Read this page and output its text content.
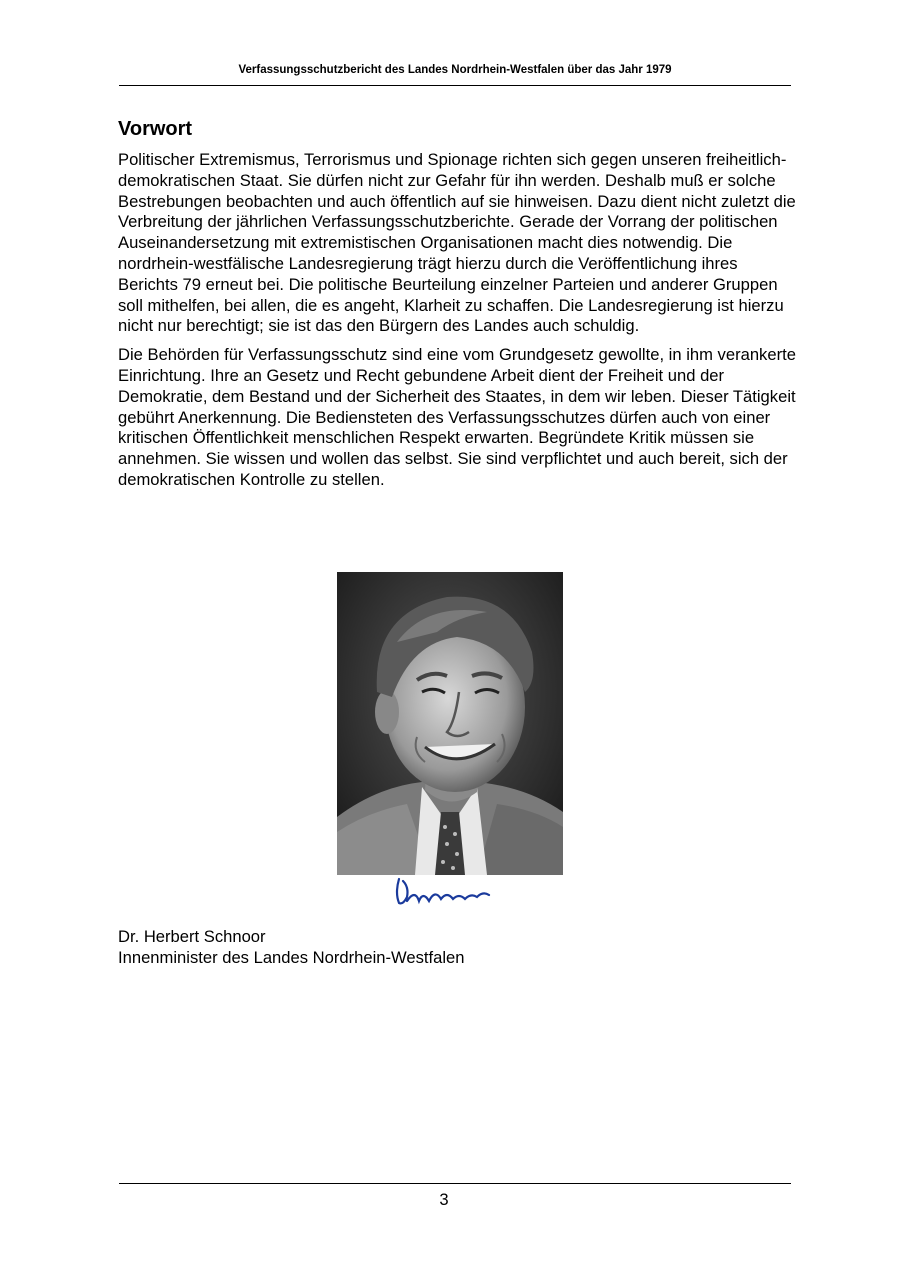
Verfassungsschutzbericht des Landes Nordrhein-Westfalen über das Jahr 1979
Vorwort

Politischer Extremismus, Terrorismus und Spionage richten sich gegen unseren freiheitlich-demokratischen Staat. Sie dürfen nicht zur Gefahr für ihn werden. Deshalb muß er solche Bestrebungen beobachten und auch öffentlich auf sie hinweisen. Dazu dient nicht zuletzt die Verbreitung der jährlichen Verfassungsschutzberichte. Gerade der Vorrang der politischen Auseinandersetzung mit extremistischen Organisationen macht dies notwendig. Die nordrhein-westfälische Landesregierung trägt hierzu durch die Veröffentlichung ihres Berichts 79 erneut bei. Die politische Beurteilung einzelner Parteien und anderer Gruppen soll mithelfen, bei allen, die es angeht, Klarheit zu schaffen. Die Landesregierung ist hierzu nicht nur berechtigt; sie ist das den Bürgern des Landes auch schuldig.

Die Behörden für Verfassungsschutz sind eine vom Grundgesetz gewollte, in ihm verankerte Einrichtung. Ihre an Gesetz und Recht gebundene Arbeit dient der Freiheit und der Demokratie, dem Bestand und der Sicherheit des Staates, in dem wir leben. Dieser Tätigkeit gebührt Anerkennung. Die Bediensteten des Verfassungsschutzes dürfen auch von einer kritischen Öffentlichkeit menschlichen Respekt erwarten. Begründete Kritik müssen sie annehmen. Sie wissen und wollen das selbst. Sie sind verpflichtet und auch bereit, sich der demokratischen Kontrolle zu stellen.

Dr. Herbert Schnoor
Innenminister des Landes Nordrhein-Westfalen
3
